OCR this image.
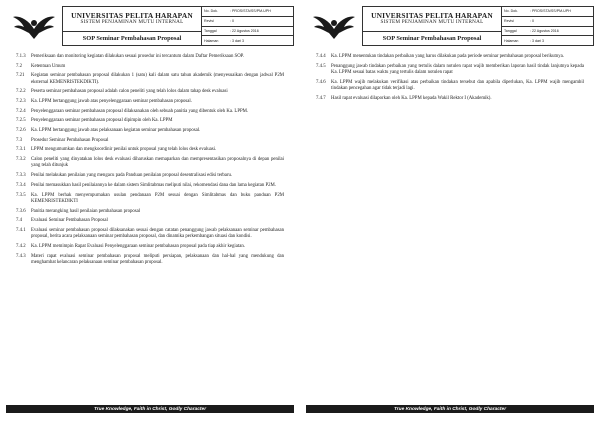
UNIVERSITAS PELITA HARAPAN
SISTEM PENJAMINAN MUTU INTERNAL
SOP Seminar Pembahasan Proposal
No. Dok.	: PROS/STA/SS/PM-UPH
Revisi	: 0
Tanggal	: 22 Agustus 2016
Halaman	: 3 dari 3
7.1.3	Pemeriksaan dan monitoring kegiatan dilakukan sesuai prosedur ini tercantum dalam Daftar Pemeriksaan SOP.
7.2	Ketentuan Umum
7.21	Kegiatan seminar pembahasan proposal dilakukan 1 (satu) kali dalam satu tahun akademik (menyesuaikan dengan jadwal P2M eksternal KEMENRISTEKDIKTI).
7.2.2	Peserta seminar pembahasan proposal adalah calon peneliti yang telah lolos dalam tahap desk evaluasi
7.2.3	Ka. LPPM bertanggung jawab atas penyelenggaraan seminar pembahasan proposal.
7.2.4	Penyelenggaraan seminar pembahasan proposal dilaksanakan oleh sebuah panitia yang dibentuk oleh Ka. LPPM.
7.2.5	Penyelenggaraan seminar pembahasan proposal dipimpin oleh Ka. LPPM
7.2.6	Ka. LPPM bertanggung jawab atas pelaksanaan kegiatan seminar pembahasan proposal.
7.3	Prosedur Seminar Pembahasan Proposal
7.3.1	LPPM mengumumkan dan mengkoordinir penilai untuk proposal yang telah lolos desk evaluasi.
7.3.2	Calon peneliti yang dinyatakan lolos desk evaluasi diharuskan memaparkan dan mempresentasikan proposalnya di depan penilai yang telah ditunjuk
7.3.3	Penilai melakukan penilaian yang mengacu pada Panduan penilaian proposal desentralisasi edisi terbaru.
7.3.4	Penilai memasukkan hasil penilaiannya ke dalam sistem Simlitabmas meliputi nilai, rekomendasi dana dan lama kegiatan P2M.
7.3.5	Ka. LPPM berhak menyempurnakan usulan pendanaan P2M sesuai dengan Simlitabmas dan buku panduan P2M KEMENRISTEKDIKTI
7.3.6	Panitia merangking hasil penilaian pembahasan proposal
7.4	Evaluasi Seminar Pembahasan Proposal
7.4.1	Evaluasi seminar pembahasan proposal dilaksanakan sesuai dengan catatan penanggung jawab pelaksanaan seminar pembahasan proposal, berita acara pelaksanaan seminar pembahasan proposal, dan dinamika perkembangan situasi dan kondisi.
7.4.2	Ka. LPPM memimpin Rapat Evaluasi Penyelenggaraan seminar pembahasan proposal pada tiap akhir kegiatan.
7.4.3	Materi rapat evaluasi seminar pembahasan proposal meliputi persiapan, pelaksanaan dan hal-hal yang mendukung dan menghambat kelancaran pelaksanaan seminar pembahasan proposal.
True Knowledge, Faith in Christ, Godly Character
UNIVERSITAS PELITA HARAPAN
SISTEM PENJAMINAN MUTU INTERNAL
SOP Seminar Pembahasan Proposal
No. Dok.	: PROS/STA/SS/PM-UPH
Revisi	: 0
Tanggal	: 22 Agustus 2016
Halaman	: 3 dari 3
7.4.4	Ka. LPPM menentukan tindakan perbaikan yang harus dilakukan pada periode seminar pembahasan proposal berikutnya.
7.4.5	Penanggung jawab tindakan perbaikan yang tertulis dalam notulen rapat wajib memberikan laporan hasil tindak lanjutnya kepada Ka. LPPM sesuai batas waktu yang tertulis dalam notulen rapat
7.4.6	Ka. LPPM wajib melakukan verifikasi atas perbaikan tindakan tersebut dan apabila diperlukan, Ka. LPPM wajib mengambil tindakan pencegahan agar tidak terjadi lagi.
7.4.7	Hasil rapat evaluasi dilaporkan oleh Ka. LPPM kepada Wakil Rektor I (Akademik).
True Knowledge, Faith in Christ, Godly Character
